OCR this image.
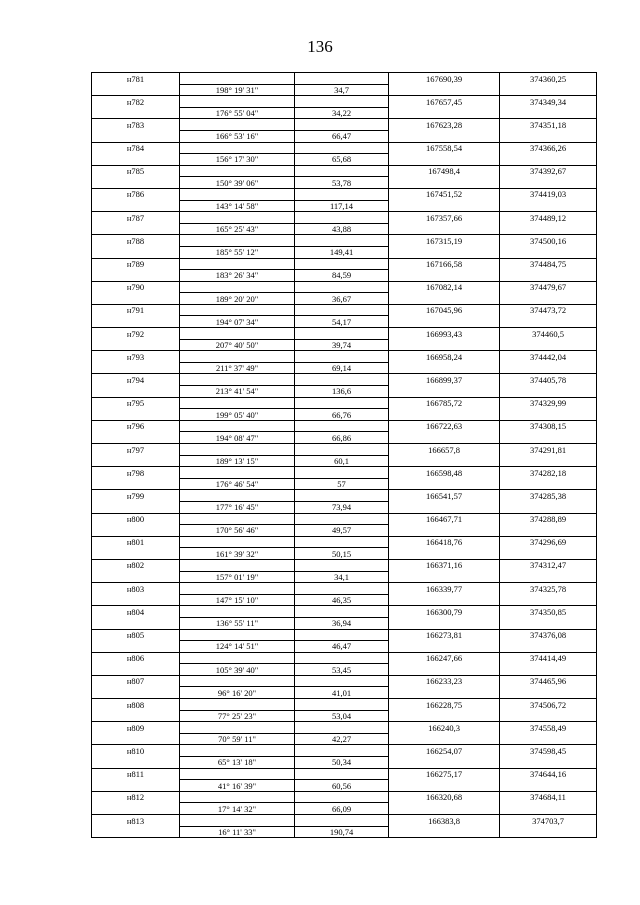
136
н781			167690,39	374360,25
	198° 19' 31"	34,7		
н782			167657,45	374349,34
	176° 55' 04"	34,22		
н783			167623,28	374351,18
	166° 53' 16"	66,47		
н784			167558,54	374366,26
	156° 17' 30"	65,68		
н785			167498,4	374392,67
	150° 39' 06"	53,78		
н786			167451,52	374419,03
	143° 14' 58"	117,14		
н787			167357,66	374489,12
	165° 25' 43"	43,88		
н788			167315,19	374500,16
	185° 55' 12"	149,41		
н789			167166,58	374484,75
	183° 26' 34"	84,59		
н790			167082,14	374479,67
	189° 20' 20"	36,67		
н791			167045,96	374473,72
	194° 07' 34"	54,17		
н792			166993,43	374460,5
	207° 40' 50"	39,74		
н793			166958,24	374442,04
	211° 37' 49"	69,14		
н794			166899,37	374405,78
	213° 41' 54"	136,6		
н795			166785,72	374329,99
	199° 05' 40"	66,76		
н796			166722,63	374308,15
	194° 08' 47"	66,86		
н797			166657,8	374291,81
	189° 13' 15"	60,1		
н798			166598,48	374282,18
	176° 46' 54"	57		
н799			166541,57	374285,38
	177° 16' 45"	73,94		
н800			166467,71	374288,89
	170° 56' 46"	49,57		
н801			166418,76	374296,69
	161° 39' 32"	50,15		
н802			166371,16	374312,47
	157° 01' 19"	34,1		
н803			166339,77	374325,78
	147° 15' 10"	46,35		
н804			166300,79	374350,85
	136° 55' 11"	36,94		
н805			166273,81	374376,08
	124° 14' 51"	46,47		
н806			166247,66	374414,49
	105° 39' 40"	53,45		
н807			166233,23	374465,96
	96° 16' 20"	41,01		
н808			166228,75	374506,72
	77° 25' 23"	53,04		
н809			166240,3	374558,49
	70° 59' 11"	42,27		
н810			166254,07	374598,45
	65° 13' 18"	50,34		
н811			166275,17	374644,16
	41° 16' 39"	60,56		
н812			166320,68	374684,11
	17° 14' 32"	66,09		
н813			166383,8	374703,7
	16° 11' 33"	190,74		
